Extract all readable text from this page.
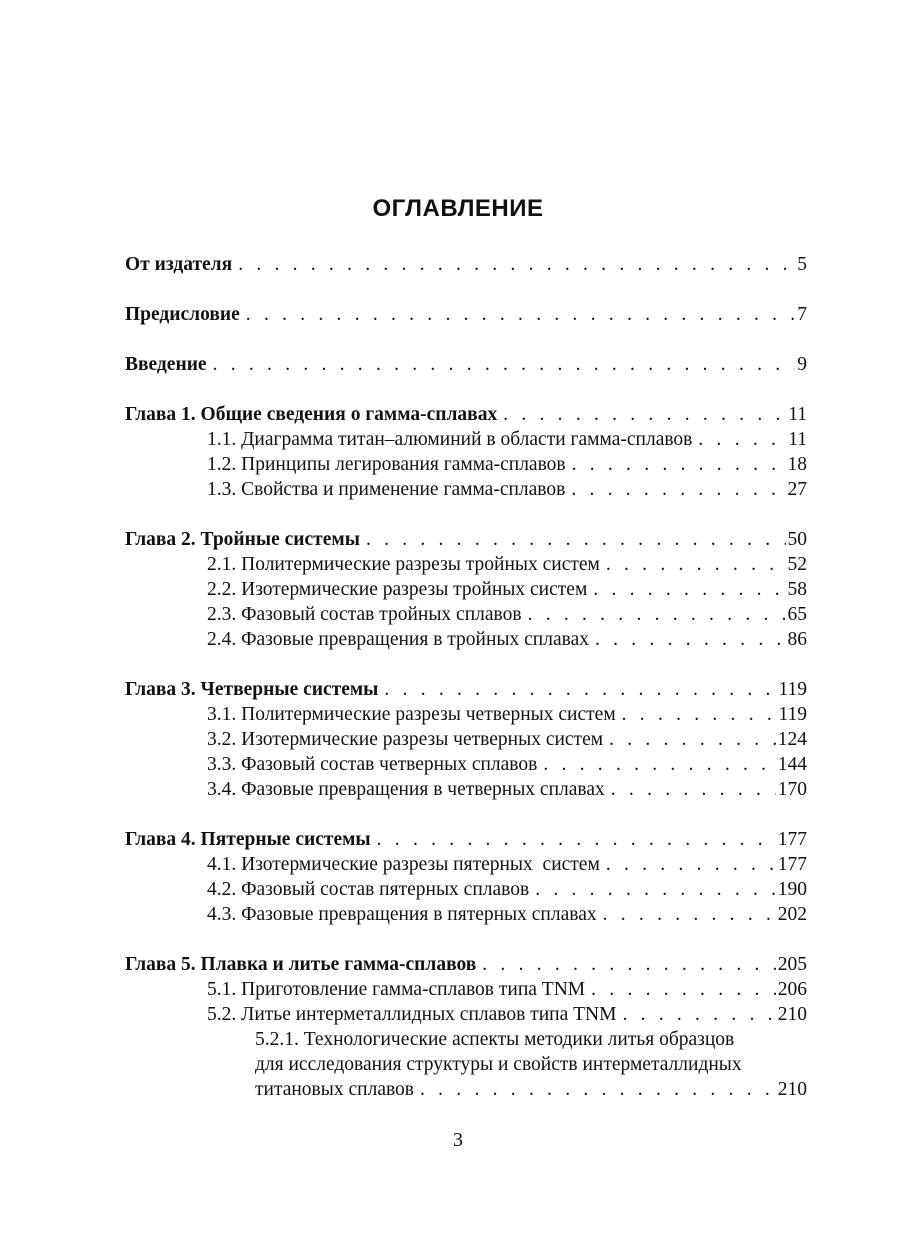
ОГЛАВЛЕНИЕ
От издателя . . .	5
Предисловие . . .	7
Введение . . .	9
Глава 1. Общие сведения о гамма-сплавах . . .	11
1.1. Диаграмма титан–алюминий в области гамма-сплавов . . .	11
1.2. Принципы легирования гамма-сплавов . . .	18
1.3. Свойства и применение гамма-сплавов . . .	27
Глава 2. Тройные системы . . .	50
2.1. Политермические разрезы тройных систем . . .	52
2.2. Изотермические разрезы тройных систем . . .	58
2.3. Фазовый состав тройных сплавов . . .	65
2.4. Фазовые превращения в тройных сплавах . . .	86
Глава 3. Четверные системы . . .	119
3.1. Политермические разрезы четверных систем . . .	119
3.2. Изотермические разрезы четверных систем . . .	124
3.3. Фазовый состав четверных сплавов . . .	144
3.4. Фазовые превращения в четверных сплавах . . .	170
Глава 4. Пятерные системы . . .	177
4.1. Изотермические разрезы пятерных  систем . . .	177
4.2. Фазовый состав пятерных сплавов . . .	190
4.3. Фазовые превращения в пятерных сплавах . . .	202
Глава 5. Плавка и литье гамма-сплавов . . .	205
5.1. Приготовление гамма-сплавов типа TNM . . .	206
5.2. Литье интерметаллидных сплавов типа TNM . . .	210
5.2.1. Технологические аспекты методики литья образцов
для исследования структуры и свойств интерметаллидных
титановых сплавов . . .	210
3
